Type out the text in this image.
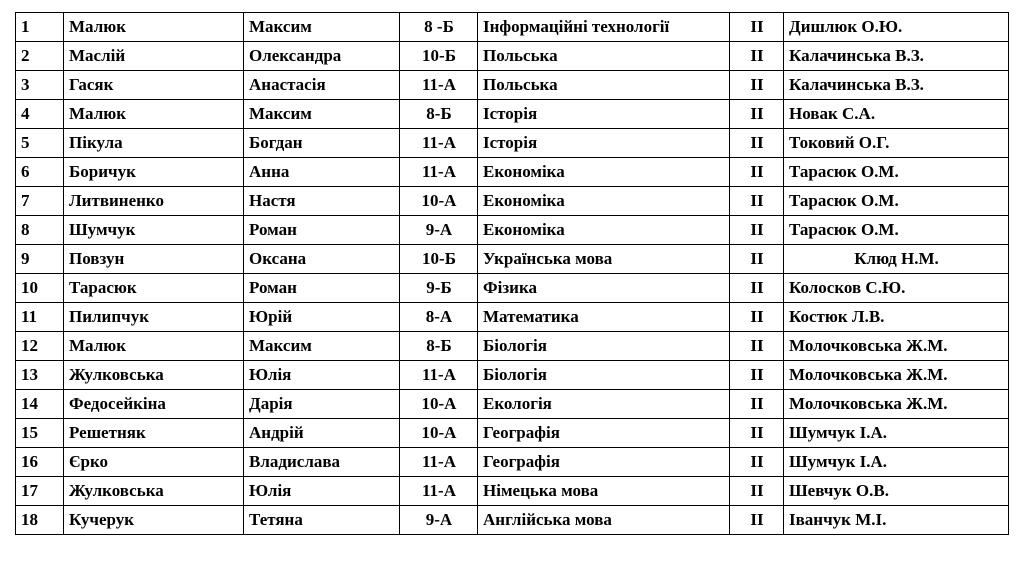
1	Малюк	Максим	8 -Б	Інформаційні технології	ІІ	Дишлюк О.Ю.
2	Маслій	Олександра	10-Б	Польська	ІІ	Калачинська В.З.
3	Гасяк	Анастасія	11-А	Польська	ІІ	Калачинська В.З.
4	Малюк	Максим	8-Б	Історія	ІІ	Новак С.А.
5	Пікула	Богдан	11-А	Історія	ІІ	Токовий О.Г.
6	Боричук	Анна	11-А	Економіка	ІІ	Тарасюк О.М.
7	Литвиненко	Настя	10-А	Економіка	ІІ	Тарасюк О.М.
8	Шумчук	Роман	9-А	Економіка	ІІ	Тарасюк О.М.
9	Повзун	Оксана	10-Б	Українська мова	ІІ	Клюд Н.М.
10	Тарасюк	Роман	9-Б	Фізика	ІІ	Колосков С.Ю.
11	Пилипчук	Юрій	8-А	Математика	ІІ	Костюк Л.В.
12	Малюк	Максим	8-Б	Біологія	ІІ	Молочковська Ж.М.
13	Жулковська	Юлія	11-А	Біологія	ІІ	Молочковська Ж.М.
14	Федосейкіна	Дарія	10-А	Екологія	ІІ	Молочковська Ж.М.
15	Решетняк	Андрій	10-А	Географія	ІІ	Шумчук І.А.
16	Єрко	Владислава	11-А	Географія	ІІ	Шумчук І.А.
17	Жулковська	Юлія	11-А	Німецька мова	ІІ	Шевчук О.В.
18	Кучерук	Тетяна	9-А	Англійська мова	ІІ	Іванчук М.І.
